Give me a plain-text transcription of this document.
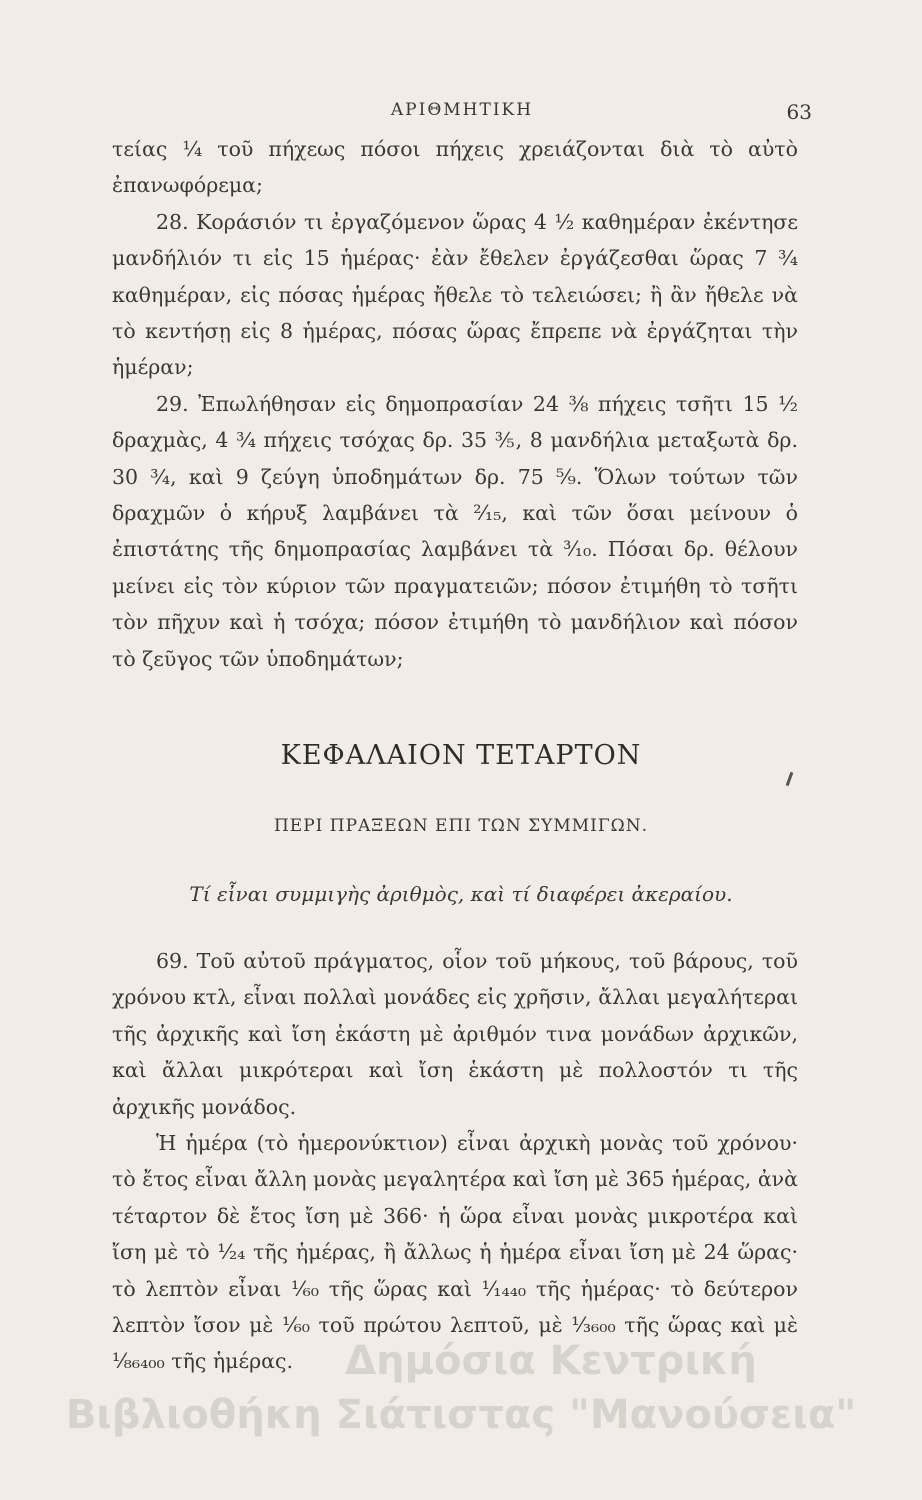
ΑΡΙΘΜΗΤΙΚΗ	63

τείας ¼ τοῦ πήχεως πόσοι πήχεις χρειάζονται διὰ τὸ αὐτὸ ἐπανωφόρεμα;

28. Κοράσιόν τι ἐργαζόμενον ὥρας 4 ½ καθημέραν ἐκέντησε μανδήλιόν τι εἰς 15 ἡμέρας· ἐὰν ἔθελεν ἐργάζεσθαι ὥρας 7 ¾ καθημέραν, εἰς πόσας ἡμέρας ἤθελε τὸ τελειώσει; ἢ ἂν ἤθελε νὰ τὸ κεντήσῃ εἰς 8 ἡμέρας, πόσας ὥρας ἔπρεπε νὰ ἐργάζηται τὴν ἡμέραν;

29. Ἐπωλήθησαν εἰς δημοπρασίαν 24 ⅜ πήχεις τσῆτι 15 ½ δραχμὰς, 4 ¾ πήχεις τσόχας δρ. 35 ⅗, 8 μανδήλια μεταξωτὰ δρ. 30 ¾, καὶ 9 ζεύγη ὑποδημάτων δρ. 75 ⁵⁄₉. Ὅλων τούτων τῶν δραχμῶν ὁ κήρυξ λαμβάνει τὰ ²⁄₁₅, καὶ τῶν ὅσαι μείνουν ὁ ἐπιστάτης τῆς δημοπρασίας λαμβάνει τὰ ³⁄₁₀. Πόσαι δρ. θέλουν μείνει εἰς τὸν κύριον τῶν πραγματειῶν; πόσον ἐτιμήθη τὸ τσῆτι τὸν πῆχυν καὶ ἡ τσόχα; πόσον ἐτιμήθη τὸ μανδήλιον καὶ πόσον τὸ ζεῦγος τῶν ὑποδημάτων;

ΚΕΦΑΛΑΙΟΝ ΤΕΤΑΡΤΟΝ
ΠΕΡΙ ΠΡΑΞΕΩΝ ΕΠΙ ΤΩΝ ΣΥΜΜΙΓΩΝ.
Τί εἶναι συμμιγὴς ἀριθμὸς, καὶ τί διαφέρει ἀκεραίου.

69. Τοῦ αὐτοῦ πράγματος, οἷον τοῦ μήκους, τοῦ βάρους, τοῦ χρόνου κτλ, εἶναι πολλαὶ μονάδες εἰς χρῆσιν, ἄλλαι μεγαλήτεραι τῆς ἀρχικῆς καὶ ἴση ἑκάστη μὲ ἀριθμόν τινα μονάδων ἀρχικῶν, καὶ ἄλλαι μικρότεραι καὶ ἴση ἑκάστη μὲ πολλοστόν τι τῆς ἀρχικῆς μονάδος.

Ἡ ἡμέρα (τὸ ἡμερονύκτιον) εἶναι ἀρχικὴ μονὰς τοῦ χρόνου· τὸ ἔτος εἶναι ἄλλη μονὰς μεγαλητέρα καὶ ἴση μὲ 365 ἡμέρας, ἀνὰ τέταρτον δὲ ἔτος ἴση μὲ 366· ἡ ὥρα εἶναι μονὰς μικροτέρα καὶ ἴση μὲ τὸ ¹⁄₂₄ τῆς ἡμέρας, ἢ ἄλλως ἡ ἡμέρα εἶναι ἴση μὲ 24 ὥρας· τὸ λεπτὸν εἶναι ¹⁄₆₀ τῆς ὥρας καὶ ¹⁄₁₄₄₀ τῆς ἡμέρας· τὸ δεύτερον λεπτὸν ἴσον μὲ ¹⁄₆₀ τοῦ πρώτου λεπτοῦ, μὲ ¹⁄₃₆₀₀ τῆς ὥρας καὶ μὲ ¹⁄₈₆₄₀₀ τῆς ἡμέρας.	Δημόσια Κεντρική
Βιβλιοθήκη Σιάτιστας "Μανούσεια"
